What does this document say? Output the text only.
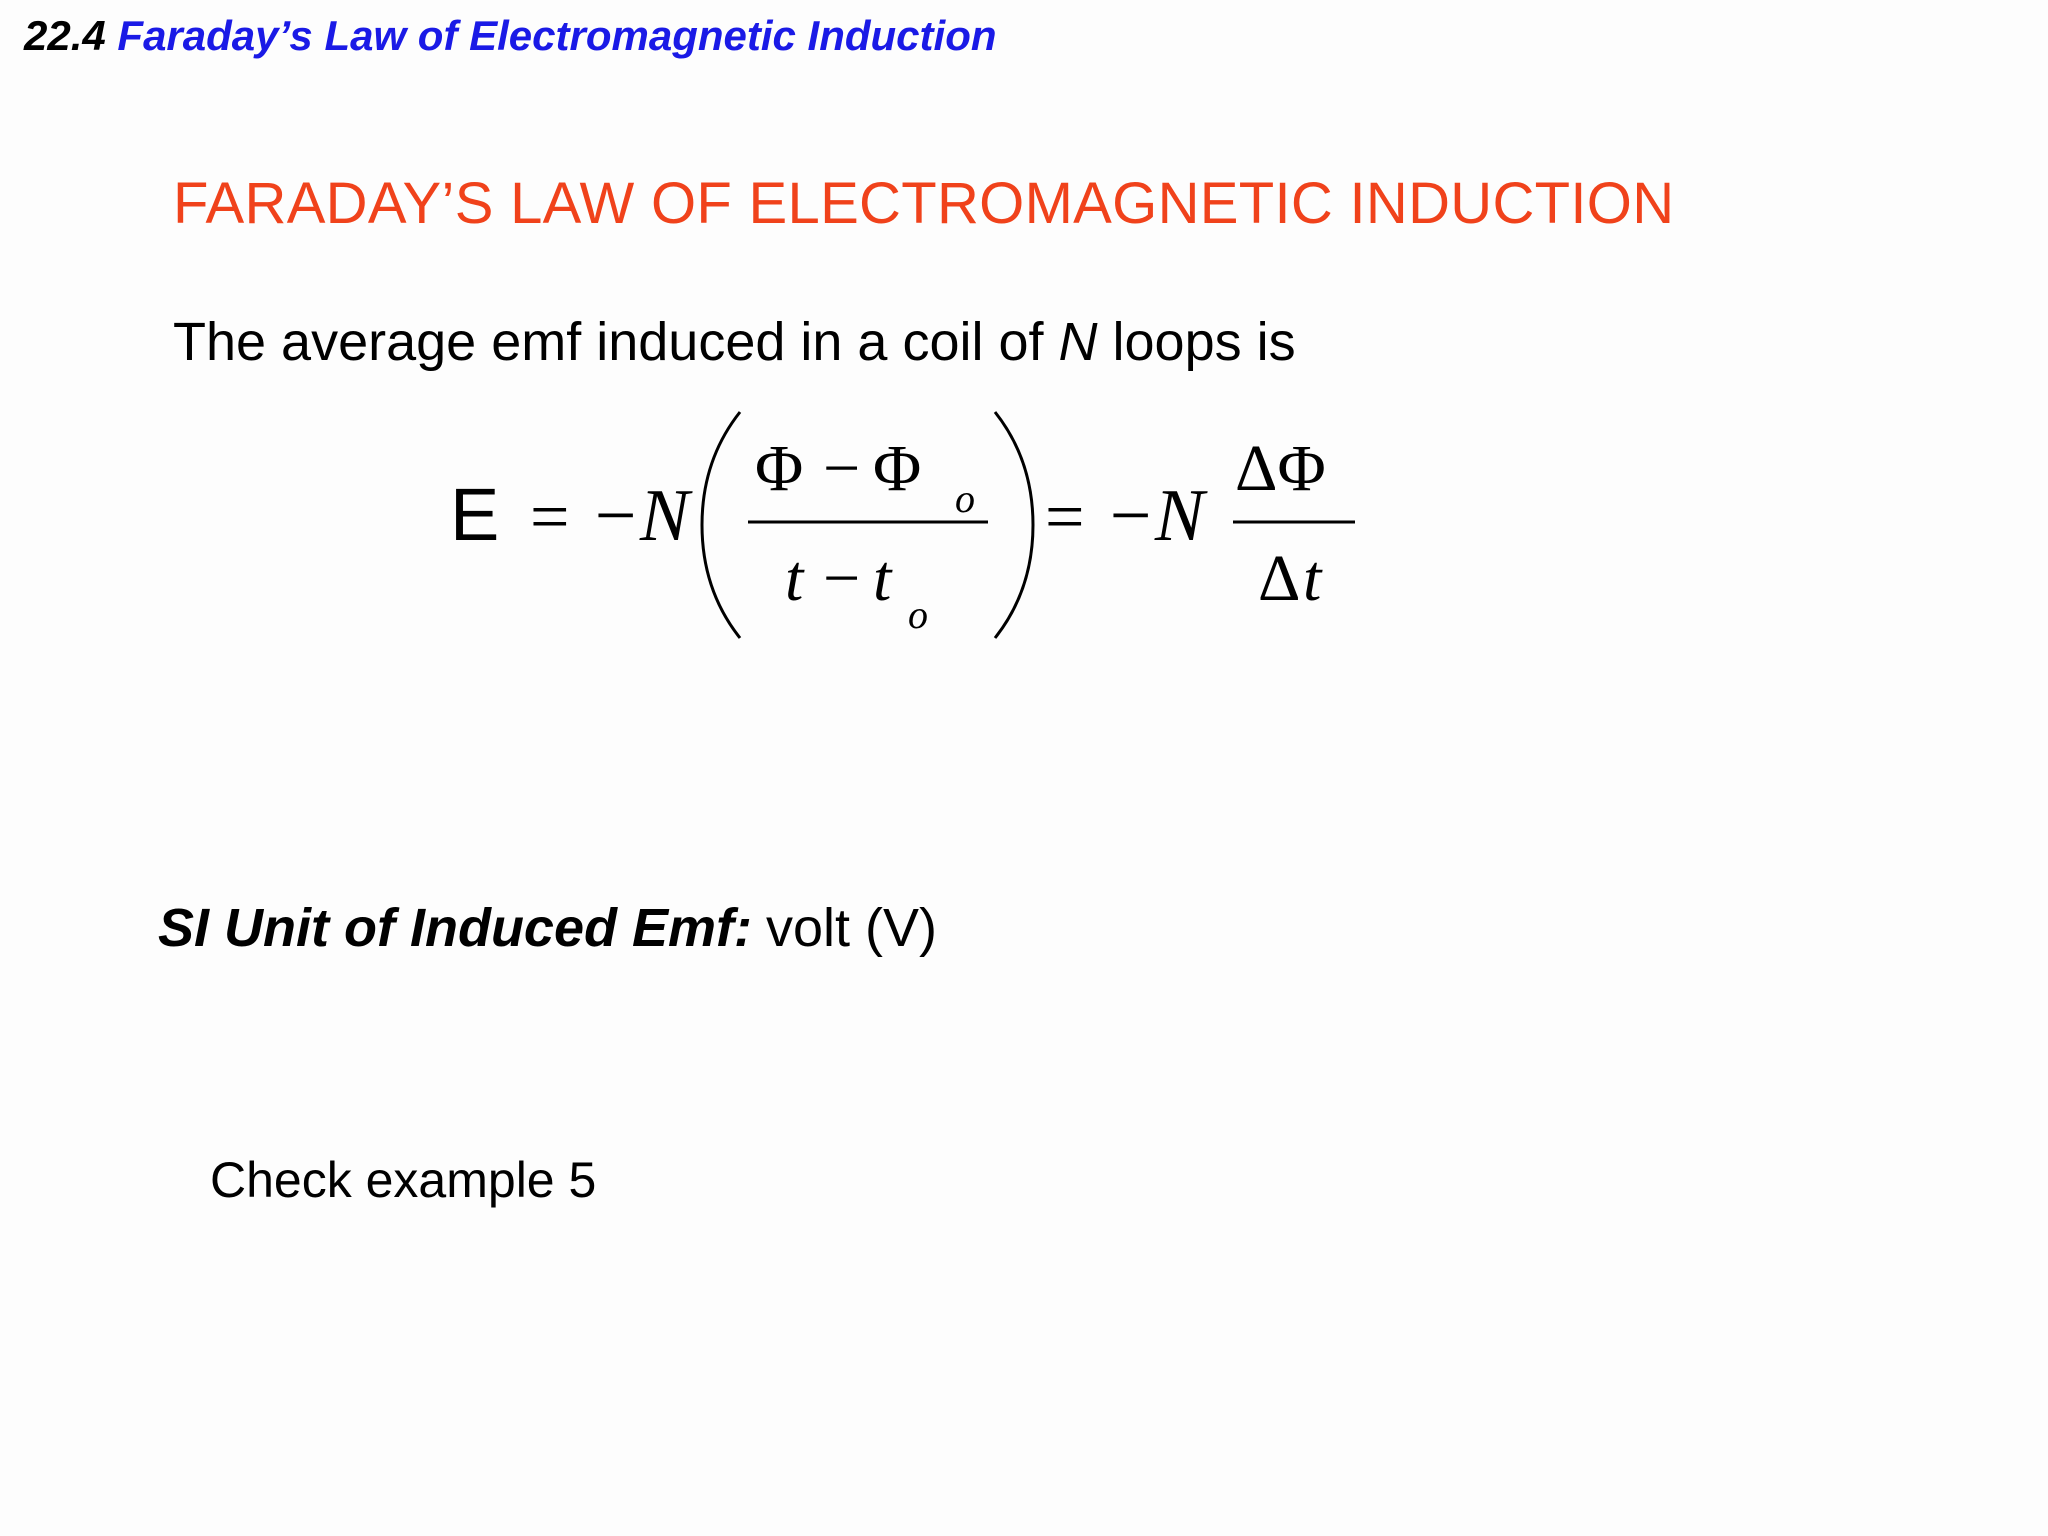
22.4 Faraday’s Law of Electromagnetic Induction
FARADAY’S LAW OF ELECTROMAGNETIC INDUCTION
The average emf induced in a coil of N loops is
E = −N
Φ − Φ o
t − t o
= −N
ΔΦ
Δ t
SI Unit of Induced Emf: volt (V)
Check example 5
